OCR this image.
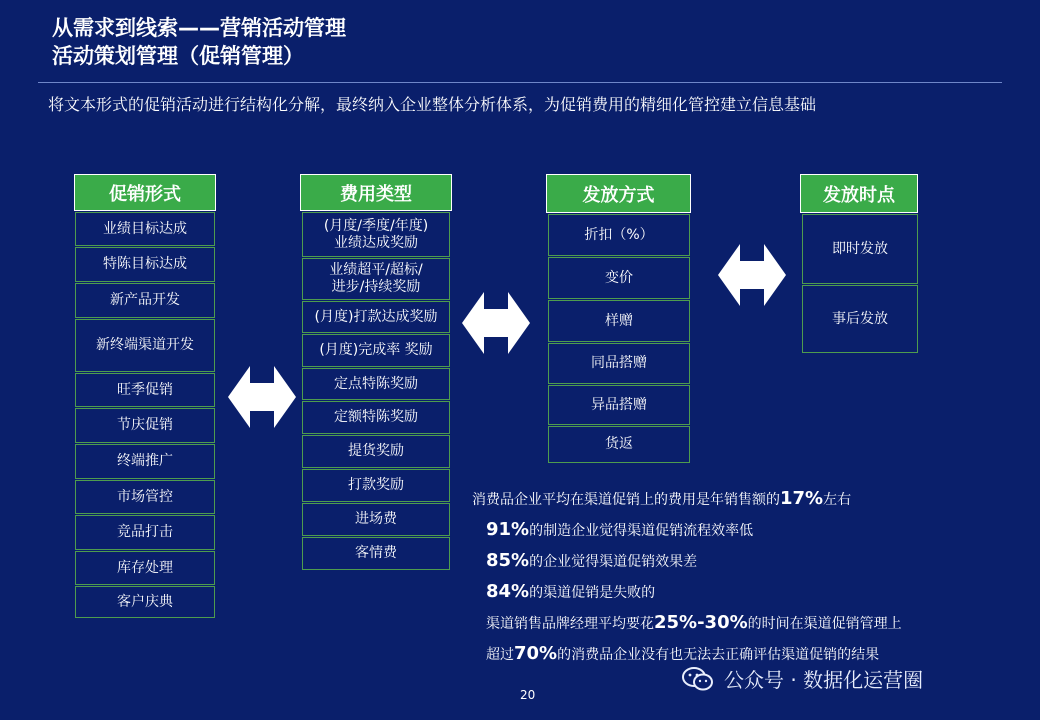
从需求到线索——营销活动管理
活动策划管理（促销管理）
将文本形式的促销活动进行结构化分解，最终纳入企业整体分析体系，为促销费用的精细化管控建立信息基础
促销形式
业绩目标达成
特陈目标达成
新产品开发
新终端渠道开发
旺季促销
节庆促销
终端推广
市场管控
竞品打击
库存处理
客户庆典
费用类型
(月度/季度/年度)
业绩达成奖励
业绩超平/超标/
进步/持续奖励
(月度)打款达成奖励
(月度)完成率 奖励
定点特陈奖励
定额特陈奖励
提货奖励
打款奖励
进场费
客情费
发放方式
折扣（%）
变价
样赠
同品搭赠
异品搭赠
货返
发放时点
即时发放
事后发放
消费品企业平均在渠道促销上的费用是年销售额的17%左右
91%的制造企业觉得渠道促销流程效率低
85%的企业觉得渠道促销效果差
84%的渠道促销是失败的
渠道销售品牌经理平均要花25%-30%的时间在渠道促销管理上
超过70%的消费品企业没有也无法去正确评估渠道促销的结果
20
公众号 · 数据化运营圈
